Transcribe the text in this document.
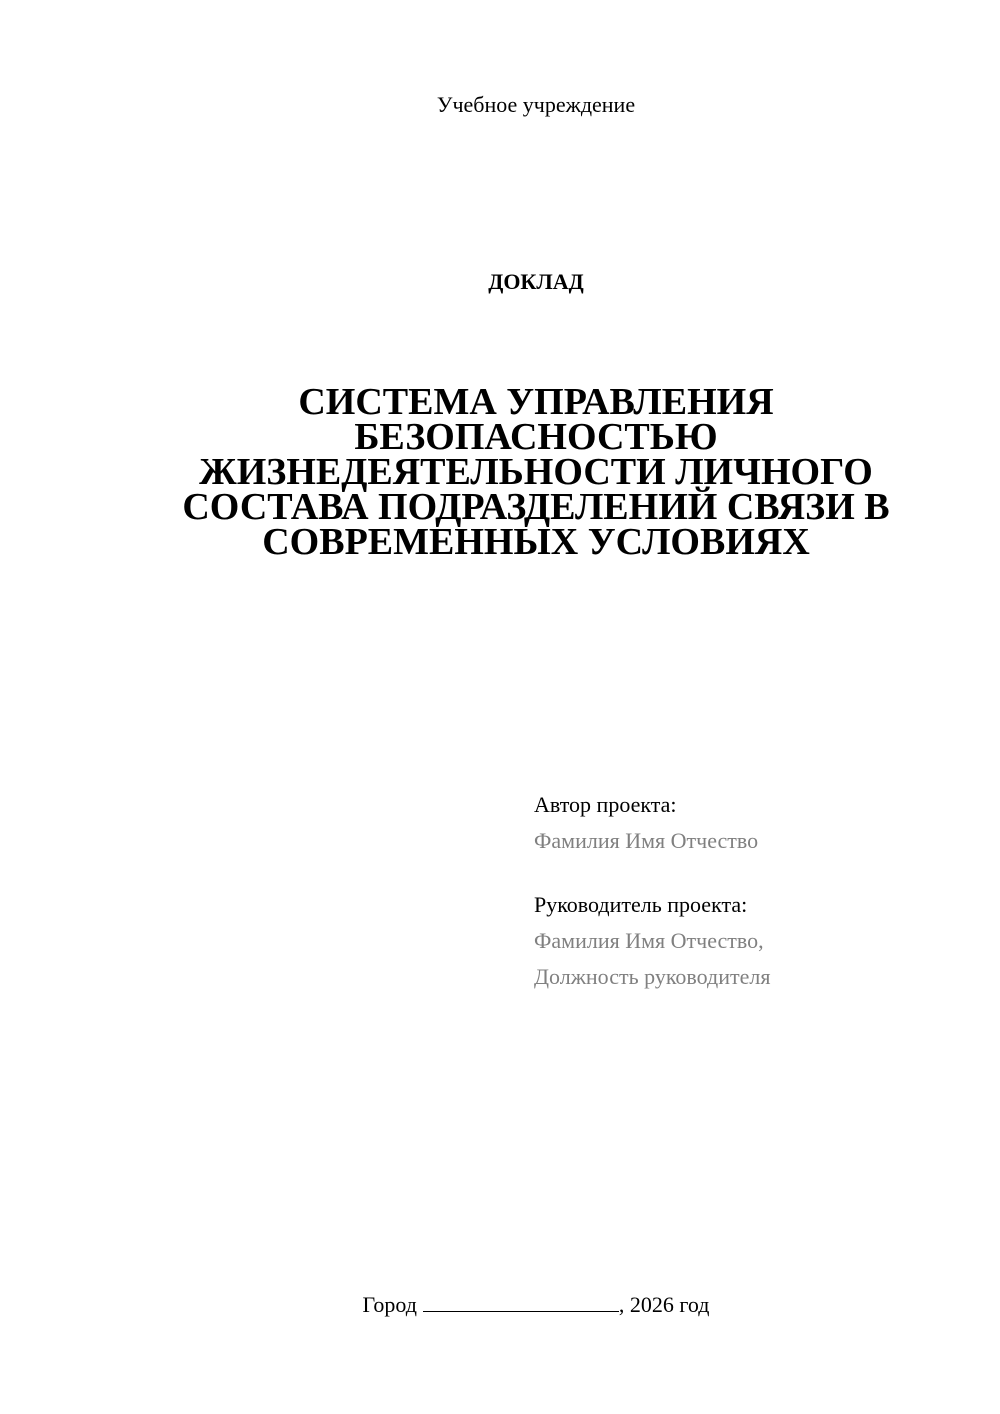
Учебное учреждение
ДОКЛАД
СИСТЕМА УПРАВЛЕНИЯ
БЕЗОПАСНОСТЬЮ
ЖИЗНЕДЕЯТЕЛЬНОСТИ ЛИЧНОГО
СОСТАВА ПОДРАЗДЕЛЕНИЙ СВЯЗИ В
СОВРЕМЕННЫХ УСЛОВИЯХ
Автор проекта:
Фамилия Имя Отчество
Руководитель проекта:
Фамилия Имя Отчество,
Должность руководителя
Город	, 2026 год
